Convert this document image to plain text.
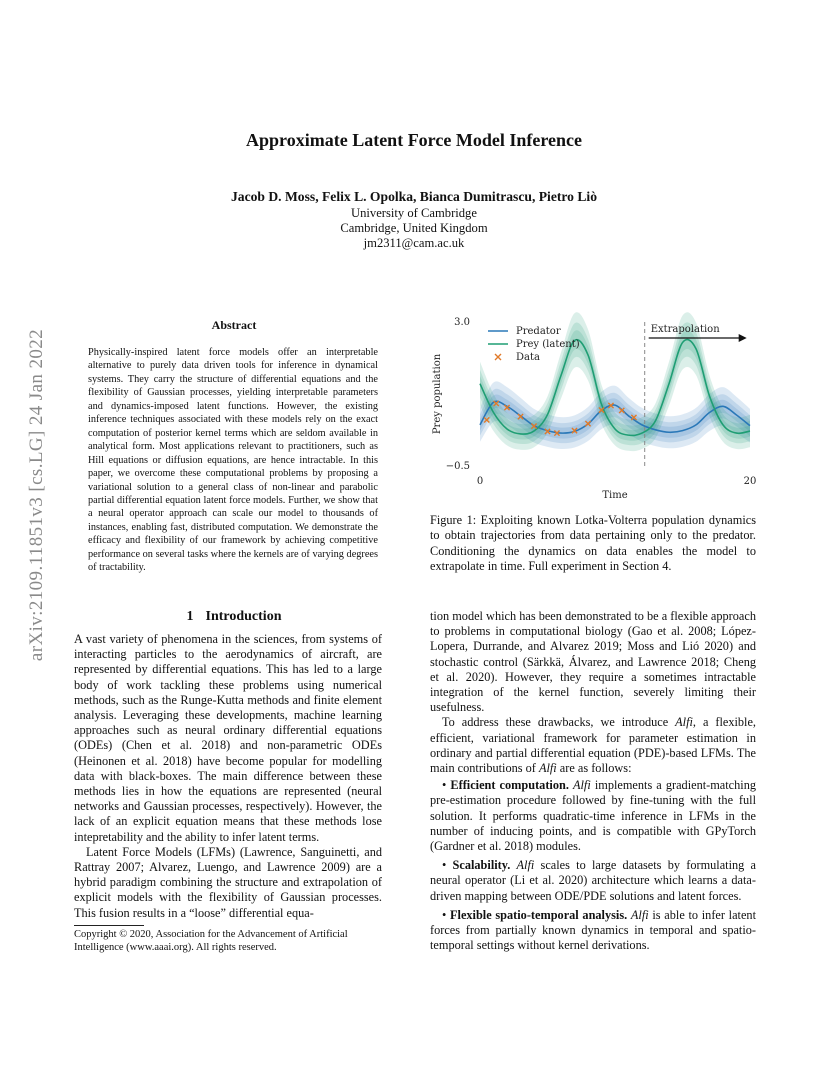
arXiv:2109.11851v3 [cs.LG] 24 Jan 2022
Approximate Latent Force Model Inference
Jacob D. Moss, Felix L. Opolka, Bianca Dumitrascu, Pietro Liò
University of Cambridge
Cambridge, United Kingdom
jm2311@cam.ac.uk
Abstract
Physically-inspired latent force models offer an interpretable alternative to purely data driven tools for inference in dynamical systems. They carry the structure of differential equations and the flexibility of Gaussian processes, yielding interpretable parameters and dynamics-imposed latent functions. However, the existing inference techniques associated with these models rely on the exact computation of posterior kernel terms which are seldom available in analytical form. Most applications relevant to practitioners, such as Hill equations or diffusion equations, are hence intractable. In this paper, we overcome these computational problems by proposing a variational solution to a general class of non-linear and parabolic partial differential equation latent force models. Further, we show that a neural operator approach can scale our model to thousands of instances, enabling fast, distributed computation. We demonstrate the efficacy and flexibility of our framework by achieving competitive performance on several tasks where the kernels are of varying degrees of tractability.
1 Introduction

A vast variety of phenomena in the sciences, from systems of interacting particles to the aerodynamics of aircraft, are represented by differential equations. This has led to a large body of work tackling these problems using numerical methods, such as the Runge-Kutta methods and finite element analysis. Leveraging these developments, machine learning approaches such as neural ordinary differential equations (ODEs) (Chen et al. 2018) and non-parametric ODEs (Heinonen et al. 2018) have become popular for modelling data with black-boxes. The main difference between these methods lies in how the equations are represented (neural networks and Gaussian processes, respectively). However, the lack of an explicit equation means that these methods lose intepretability and the ability to infer latent terms.

Latent Force Models (LFMs) (Lawrence, Sanguinetti, and Rattray 2007; Alvarez, Luengo, and Lawrence 2009) are a hybrid paradigm combining the structure and extrapolation of explicit models with the flexibility of Gaussian processes. This fusion results in a “loose” differential equa-

Copyright © 2020, Association for the Advancement of Artificial Intelligence (www.aaai.org). All rights reserved.
Extrapolation
3.0
−0.5
0	20
Time
Prey population
Predator
Prey (latent)
Data
Figure 1: Exploiting known Lotka-Volterra population dynamics to obtain trajectories from data pertaining only to the predator. Conditioning the dynamics on data enables the model to extrapolate in time. Full experiment in Section 4.

tion model which has been demonstrated to be a flexible approach to problems in computational biology (Gao et al. 2008; López-Lopera, Durrande, and Alvarez 2019; Moss and Lió 2020) and stochastic control (Särkkä, Álvarez, and Lawrence 2018; Cheng et al. 2020). However, they require a sometimes intractable integration of the kernel function, severely limiting their usefulness.

To address these drawbacks, we introduce Alfi, a flexible, efficient, variational framework for parameter estimation in ordinary and partial differential equation (PDE)-based LFMs. The main contributions of Alfi are as follows:

• Efficient computation. Alfi implements a gradient-matching pre-estimation procedure followed by fine-tuning with the full solution. It performs quadratic-time inference in LFMs in the number of inducing points, and is compatible with GPyTorch (Gardner et al. 2018) modules.

• Scalability. Alfi scales to large datasets by formulating a neural operator (Li et al. 2020) architecture which learns a data-driven mapping between ODE/PDE solutions and latent forces.

• Flexible spatio-temporal analysis. Alfi is able to infer latent forces from partially known dynamics in temporal and spatio-temporal settings without kernel derivations.
